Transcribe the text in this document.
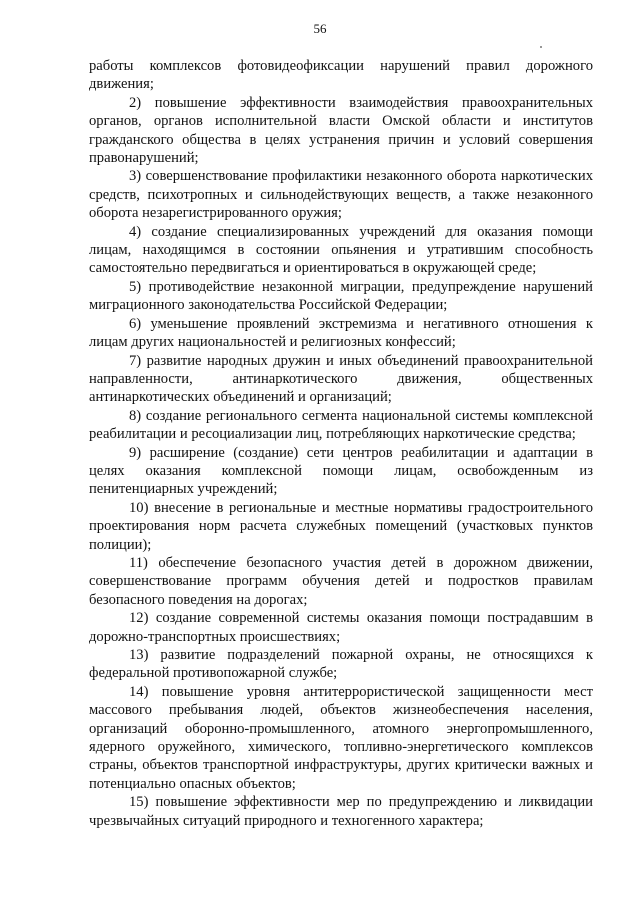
56

работы комплексов фотовидеофиксации нарушений правил дорожного движения;

2) повышение эффективности взаимодействия правоохранительных органов, органов исполнительной власти Омской области и институтов гражданского общества в целях устранения причин и условий совершения правонарушений;

3) совершенствование профилактики незаконного оборота наркотических средств, психотропных и сильнодействующих веществ, а также незаконного оборота незарегистрированного оружия;

4) создание специализированных учреждений для оказания помощи лицам, находящимся в состоянии опьянения и утратившим способность самостоятельно передвигаться и ориентироваться в окружающей среде;

5) противодействие незаконной миграции, предупреждение нарушений миграционного законодательства Российской Федерации;

6) уменьшение проявлений экстремизма и негативного отношения к лицам других национальностей и религиозных конфессий;

7) развитие народных дружин и иных объединений правоохранительной направленности, антинаркотического движения, общественных антинаркотических объединений и организаций;

8) создание регионального сегмента национальной системы комплексной реабилитации и ресоциализации лиц, потребляющих наркотические средства;

9) расширение (создание) сети центров реабилитации и адаптации в целях оказания комплексной помощи лицам, освобожденным из пенитенциарных учреждений;

10) внесение в региональные и местные нормативы градостроительного проектирования норм расчета служебных помещений (участковых пунктов полиции);

11) обеспечение безопасного участия детей в дорожном движении, совершенствование программ обучения детей и подростков правилам безопасного поведения на дорогах;

12) создание современной системы оказания помощи пострадавшим в дорожно-транспортных происшествиях;

13) развитие подразделений пожарной охраны, не относящихся к федеральной противопожарной службе;

14) повышение уровня антитеррористической защищенности мест массового пребывания людей, объектов жизнеобеспечения населения, организаций оборонно-промышленного, атомного энергопромышленного, ядерного оружейного, химического, топливно-энергетического комплексов страны, объектов транспортной инфраструктуры, других критически важных и потенциально опасных объектов;

15) повышение эффективности мер по предупреждению и ликвидации чрезвычайных ситуаций природного и техногенного характера;
